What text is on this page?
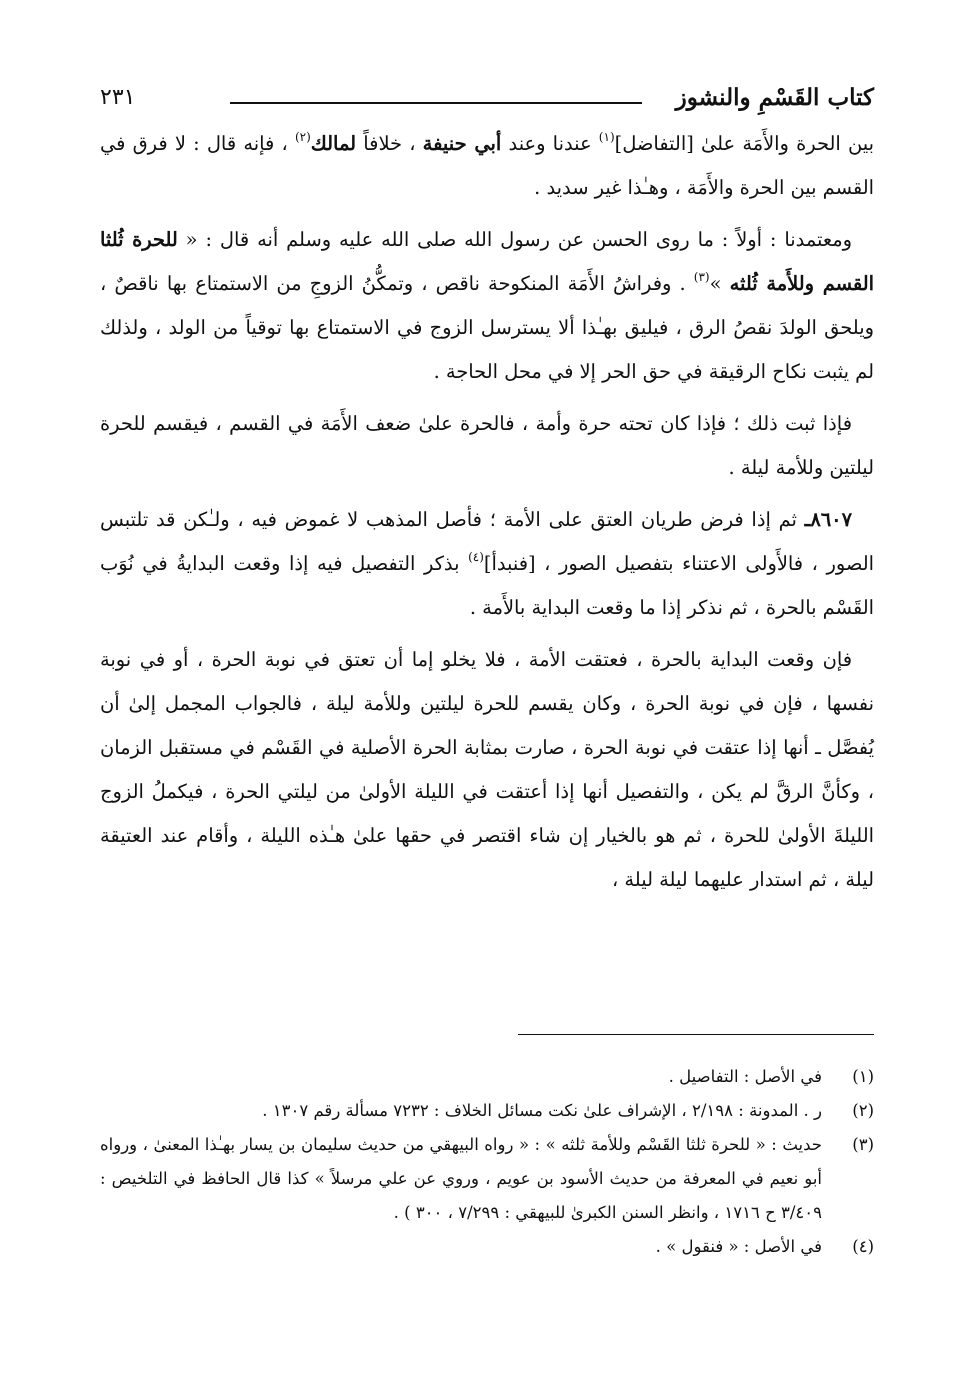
كتاب القَسْمِ والنشوز
٢٣١

بين الحرة والأَمَة علىٰ [التفاضل]$^{(١)}$ عندنا وعند أبي حنيفة ، خلافاً لمالك$^{(٢)}$ ، فإنه قال : لا فرق في القسم بين الحرة والأَمَة ، وهـٰذا غير سديد .

ومعتمدنا : أولاً : ما روى الحسن عن رسول الله صلى الله عليه وسلم أنه قال : « للحرة ثُلثا القسم وللأَمة ثُلثه »$^{(٣)}$ . وفراشُ الأَمَة المنكوحة ناقص ، وتمكُّنُ الزوجِ من الاستمتاع بها ناقصٌ ، ويلحق الولدَ نقصُ الرق ، فيليق بهـٰذا ألا يسترسل الزوج في الاستمتاع بها توقياً من الولد ، ولذلك لم يثبت نكاح الرقيقة في حق الحر إلا في محل الحاجة .

فإذا ثبت ذلك ؛ فإذا كان تحته حرة وأمة ، فالحرة علىٰ ضعف الأَمَة في القسم ، فيقسم للحرة ليلتين وللأمة ليلة .

٨٦٠٧ـ ثم إذا فرض طريان العتق على الأمة ؛ فأصل المذهب لا غموض فيه ، ولـٰكن قد تلتبس الصور ، فالأَولى الاعتناء بتفصيل الصور ، [فنبدأ]$^{(٤)}$ بذكر التفصيل فيه إذا وقعت البدايةُ في نُوَب القَسْم بالحرة ، ثم نذكر إذا ما وقعت البداية بالأَمة .

فإن وقعت البداية بالحرة ، فعتقت الأمة ، فلا يخلو إما أن تعتق في نوبة الحرة ، أو في نوبة نفسها ، فإن في نوبة الحرة ، وكان يقسم للحرة ليلتين وللأمة ليلة ، فالجواب المجمل إلىٰ أن يُفصَّل ـ أنها إذا عتقت في نوبة الحرة ، صارت بمثابة الحرة الأصلية في القَسْم في مستقبل الزمان ، وكأنَّ الرقَّ لم يكن ، والتفصيل أنها إذا أعتقت في الليلة الأولىٰ من ليلتي الحرة ، فيكملُ الزوج الليلةَ الأولىٰ للحرة ، ثم هو بالخيار إن شاء اقتصر في حقها علىٰ هـٰذه الليلة ، وأقام عند العتيقة ليلة ، ثم استدار عليهما ليلة ليلة ،

(١)
في الأصل : التفاصيل .
(٢)
ر . المدونة : ٢/١٩٨ ، الإشراف علىٰ نكت مسائل الخلاف : ٧٢٣٢ مسألة رقم ١٣٠٧ .
(٣)
حديث : « للحرة ثلثا القَسْم وللأمة ثلثه » : « رواه البيهقي من حديث سليمان بن يسار بهـٰذا المعنىٰ ، ورواه أبو نعيم في المعرفة من حديث الأسود بن عويم ، وروي عن علي مرسلاً » كذا قال الحافظ في التلخيص : ٣/٤٠٩ ح ١٧١٦ ، وانظر السنن الكبرىٰ للبيهقي : ٧/٢٩٩ ، ٣٠٠ ) .
(٤)
في الأصل : « فنقول » .
